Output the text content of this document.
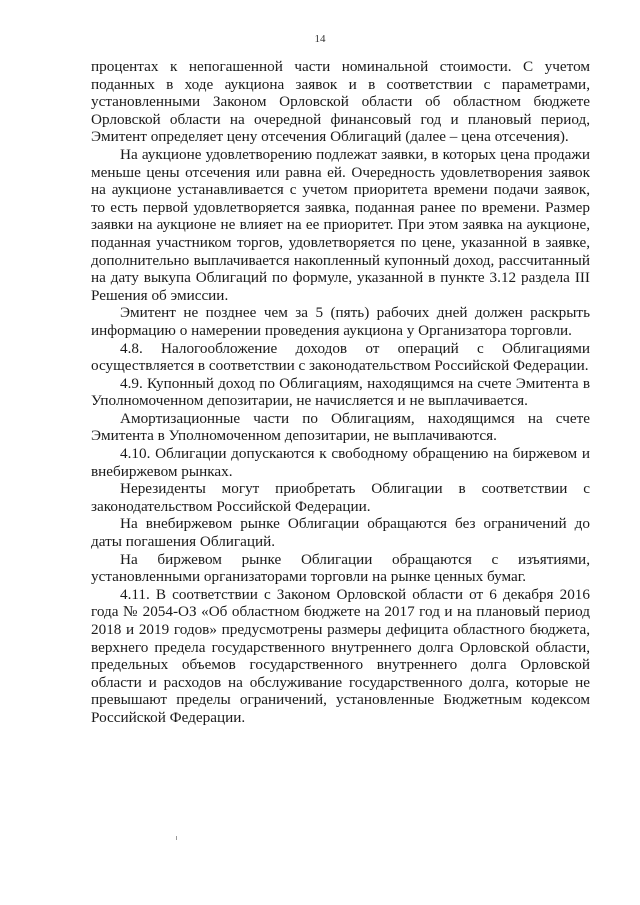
14

процентах к непогашенной части номинальной стоимости. С учетом поданных в ходе аукциона заявок и в соответствии с параметрами, установленными Законом Орловской области об областном бюджете Орловской области на очередной финансовый год и плановый период, Эмитент определяет цену отсечения Облигаций (далее – цена отсечения).

На аукционе удовлетворению подлежат заявки, в которых цена продажи меньше цены отсечения или равна ей. Очередность удовлетворения заявок на аукционе устанавливается с учетом приоритета времени подачи заявок, то есть первой удовлетворяется заявка, поданная ранее по времени. Размер заявки на аукционе не влияет на ее приоритет. При этом заявка на аукционе, поданная участником торгов, удовлетворяется по цене, указанной в заявке, дополнительно выплачивается накопленный купонный доход, рассчитанный на дату выкупа Облигаций по формуле, указанной в пункте 3.12 раздела III Решения об эмиссии.

Эмитент не позднее чем за 5 (пять) рабочих дней должен раскрыть информацию о намерении проведения аукциона у Организатора торговли.

4.8. Налогообложение доходов от операций с Облигациями осуществляется в соответствии с законодательством Российской Федерации.

4.9. Купонный доход по Облигациям, находящимся на счете Эмитента в Уполномоченном депозитарии, не начисляется и не выплачивается.

Амортизационные части по Облигациям, находящимся на счете Эмитента в Уполномоченном депозитарии, не выплачиваются.

4.10. Облигации допускаются к свободному обращению на биржевом и внебиржевом рынках.

Нерезиденты могут приобретать Облигации в соответствии с законодательством Российской Федерации.

На внебиржевом рынке Облигации обращаются без ограничений до даты погашения Облигаций.

На биржевом рынке Облигации обращаются с изъятиями, установленными организаторами торговли на рынке ценных бумаг.

4.11. В соответствии с Законом Орловской области от 6 декабря 2016 года № 2054-ОЗ «Об областном бюджете на 2017 год и на плановый период 2018 и 2019 годов» предусмотрены размеры дефицита областного бюджета, верхнего предела государственного внутреннего долга Орловской области, предельных объемов государственного внутреннего долга Орловской области и расходов на обслуживание государственного долга, которые не превышают пределы ограничений, установленные Бюджетным кодексом Российской Федерации.
